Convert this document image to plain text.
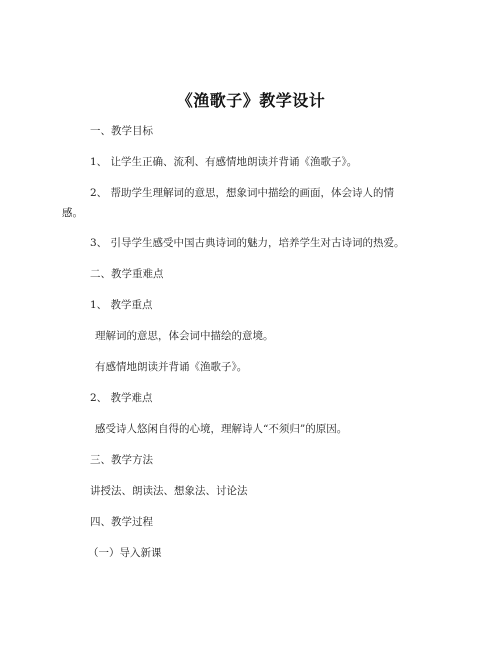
《渔歌子》教学设计
一、教学目标
1、 让学生正确、流利、有感情地朗读并背诵《渔歌子》。
2、 帮助学生理解词的意思，想象词中描绘的画面，体会诗人的情
感。
3、 引导学生感受中国古典诗词的魅力，培养学生对古诗词的热爱。
二、教学重难点
1、 教学重点
理解词的意思，体会词中描绘的意境。
有感情地朗读并背诵《渔歌子》。
2、 教学难点
感受诗人悠闲自得的心境，理解诗人“不须归”的原因。
三、教学方法
讲授法、朗读法、想象法、讨论法
四、教学过程
（一）导入新课
